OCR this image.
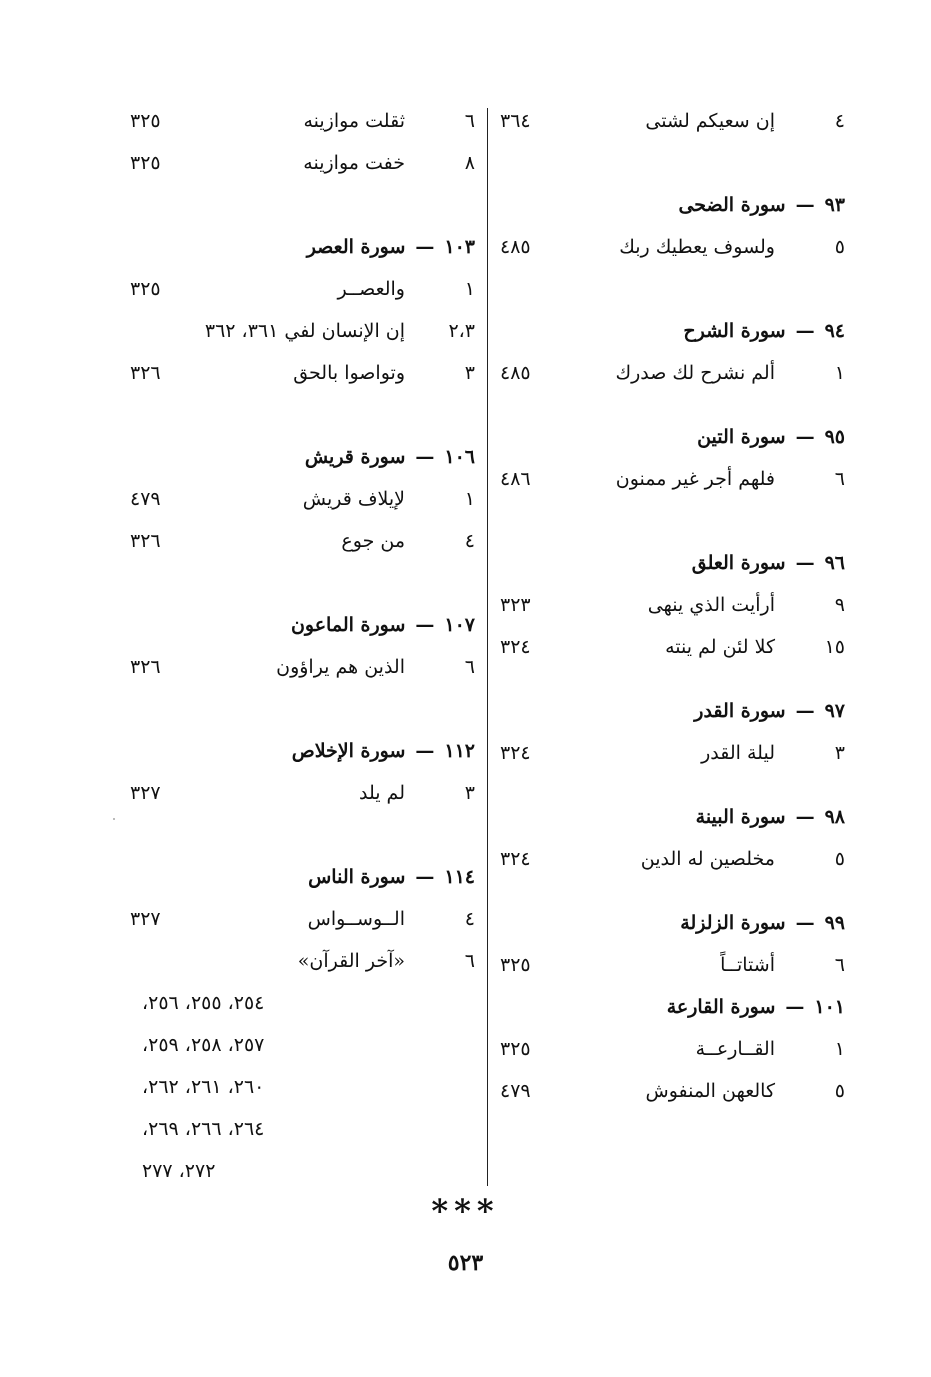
٤
إن سعيكم لشتى
٣٦٤
٩٣—سورة الضحى
٥
ولسوف يعطيك ربك
٤٨٥
٩٤—سورة الشرح
١
ألم نشرح لك صدرك
٤٨٥
٩٥—سورة التين
٦
فلهم أجر غير ممنون
٤٨٦
٩٦—سورة العلق
٩
أرأيت الذي ينهى
٣٢٣
١٥
كلا لئن لم ينته
٣٢٤
٩٧—سورة القدر
٣
ليلة القدر
٣٢٤
٩٨—سورة البينة
٥
مخلصين له الدين
٣٢٤
٩٩—سورة الزلزلة
٦
أشتاتــاً
٣٢٥
١٠١—سورة القارعة
١
القــارعــة
٣٢٥
٥
كالعهن المنفوش
٤٧٩
٦
ثقلت موازينه
٣٢٥
٨
خفت موازينه
٣٢٥
١٠٣—سورة العصر
١
والعصــر
٣٢٥
٢،٣
إن الإنسان لفي ٣٦١، ٣٦٢
٣
وتواصوا بالحق
٣٢٦
١٠٦—سورة قريش
١
لإيلاف قريش
٤٧٩
٤
من جوع
٣٢٦
١٠٧—سورة الماعون
٦
الذين هم يراؤون
٣٢٦
١١٢—سورة الإخلاص
٣
لم يلد
٣٢٧
١١٤—سورة الناس
٤
الــوســواس
٣٢٧
٦
«آخر القرآن»
٢٥٤، ٢٥٥، ٢٥٦،
٢٥٧، ٢٥٨، ٢٥٩،
٢٦٠، ٢٦١، ٢٦٢،
٢٦٤، ٢٦٦، ٢٦٩،
٢٧٢، ٢٧٧
***
٥٢٣
